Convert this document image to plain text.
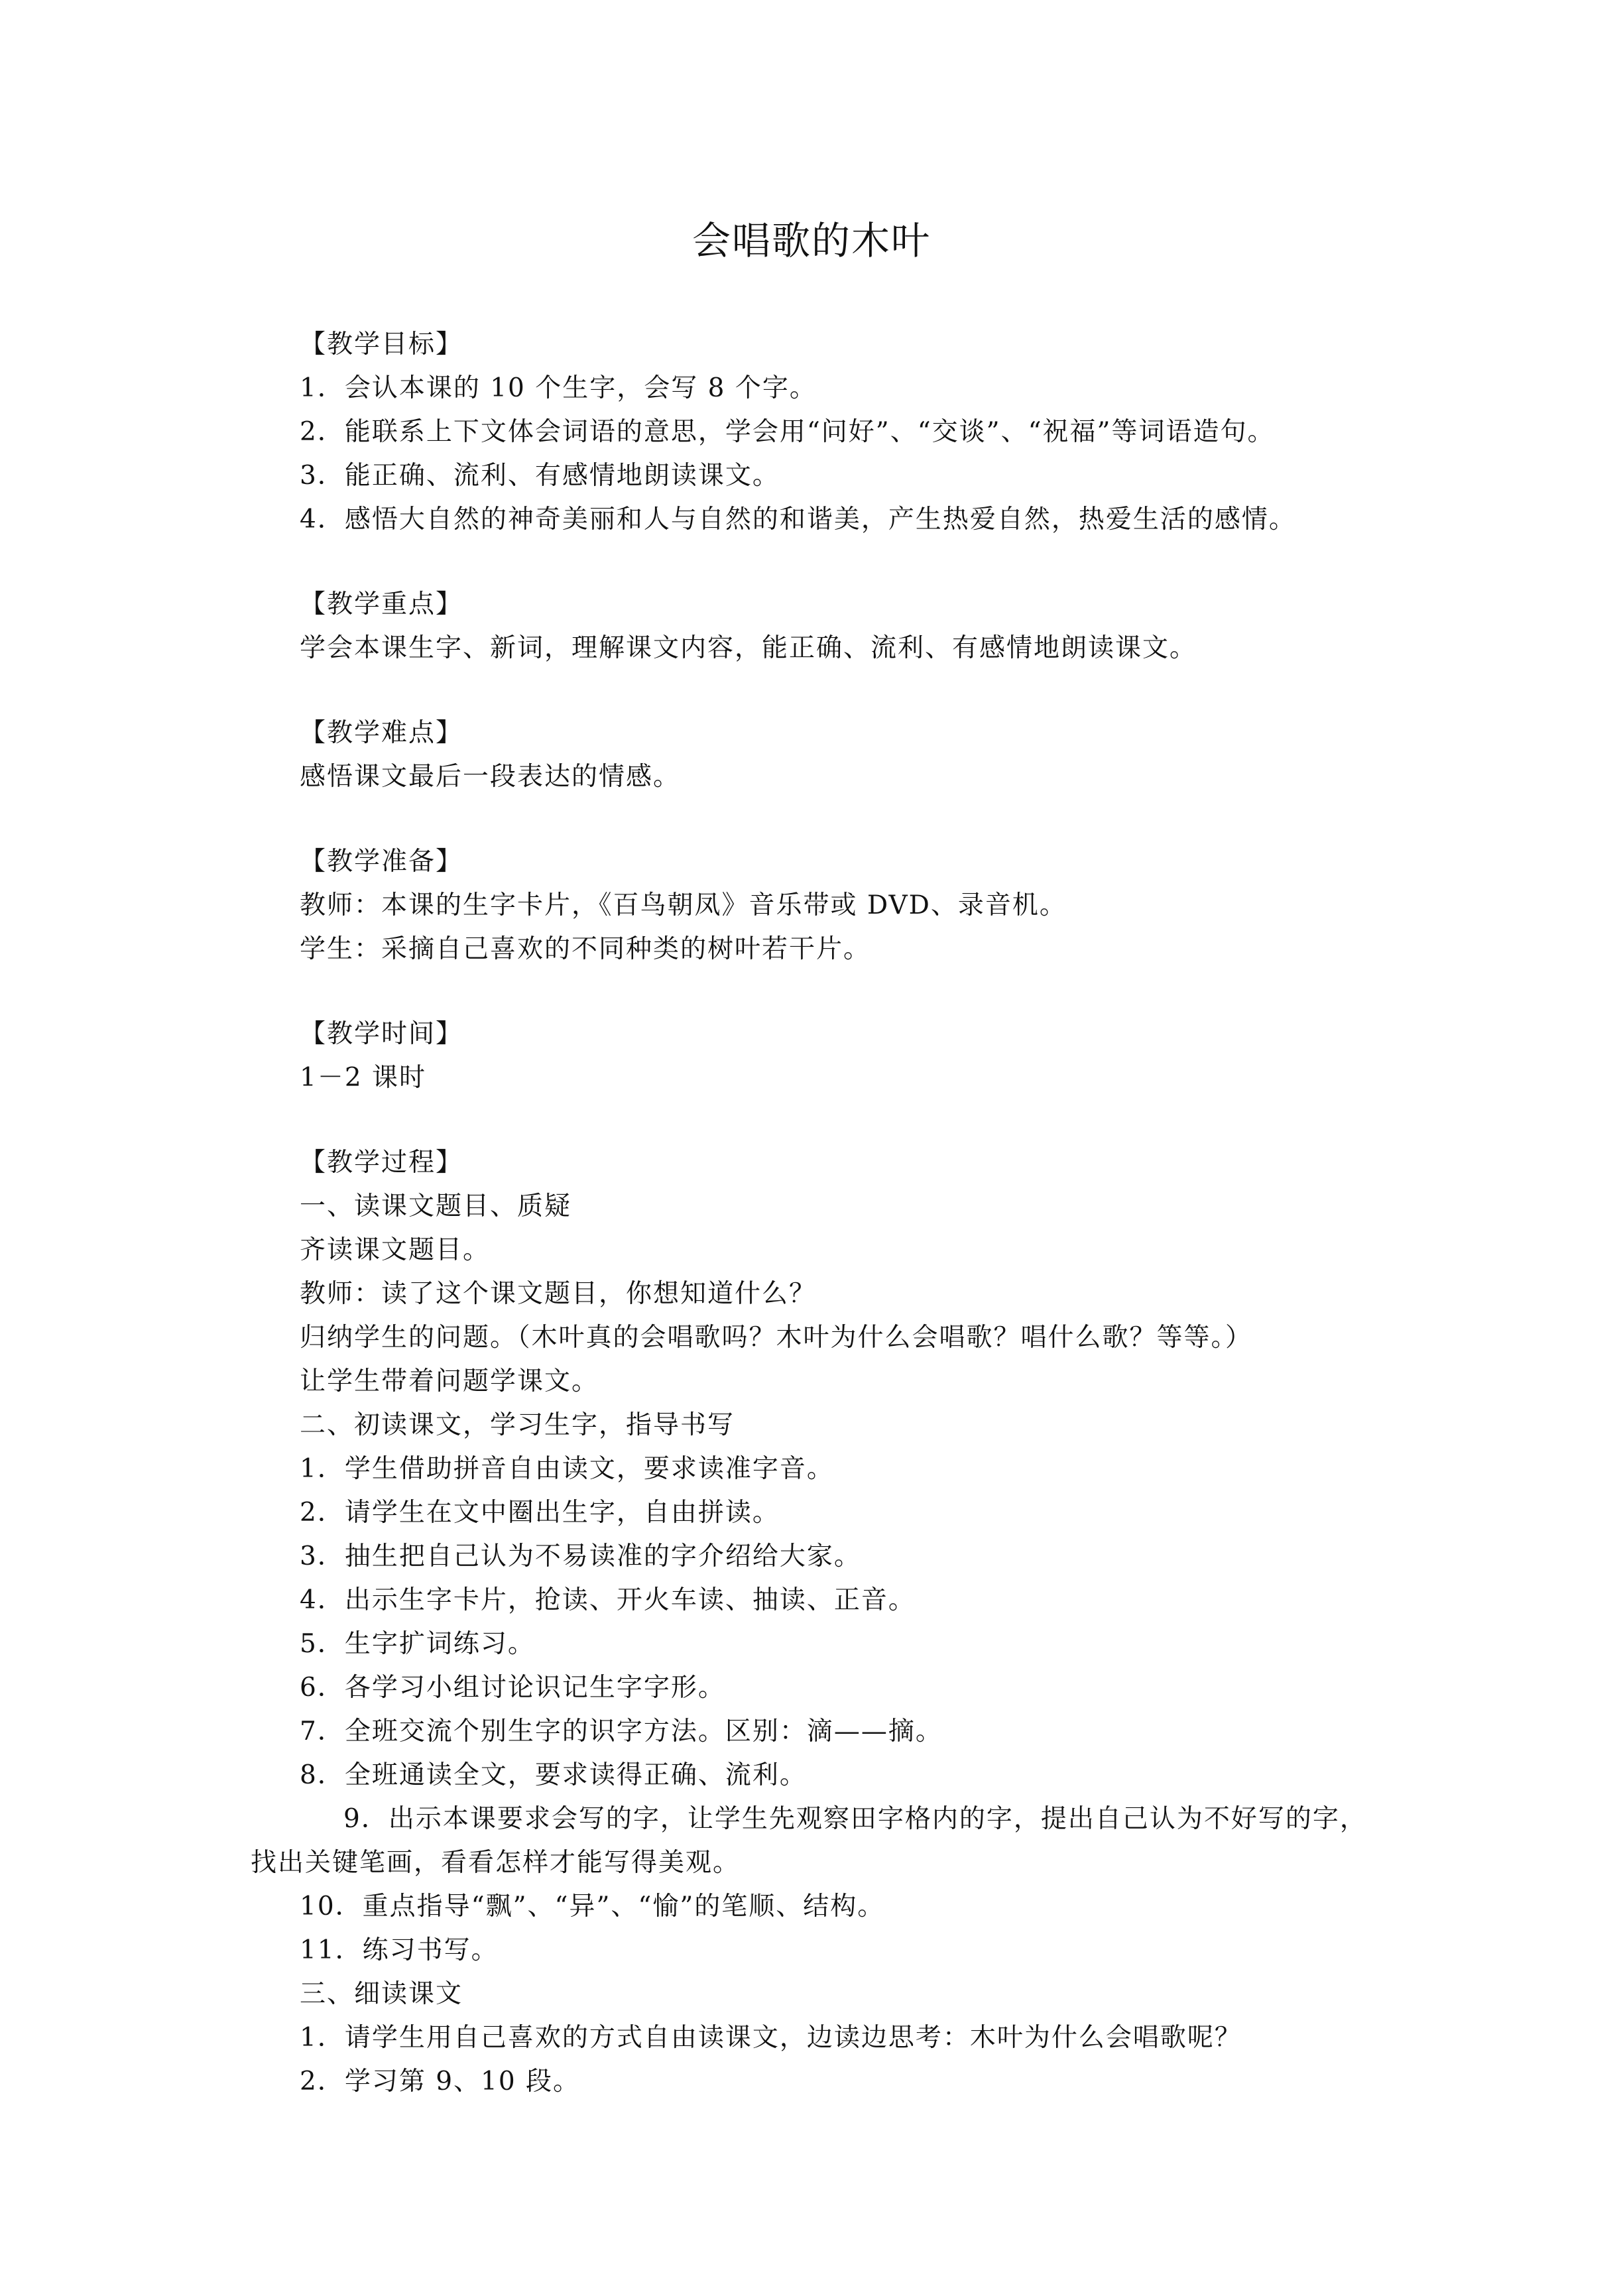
会唱歌的木叶
【教学目标】
1．会认本课的 10 个生字，会写 8 个字。
2．能联系上下文体会词语的意思，学会用“问好”、“交谈”、“祝福”等词语造句。
3．能正确、流利、有感情地朗读课文。
4．感悟大自然的神奇美丽和人与自然的和谐美，产生热爱自然，热爱生活的感情。
【教学重点】
学会本课生字、新词，理解课文内容，能正确、流利、有感情地朗读课文。
【教学难点】
感悟课文最后一段表达的情感。
【教学准备】
教师：本课的生字卡片，《百鸟朝凤》音乐带或 DVD、录音机。
学生：采摘自己喜欢的不同种类的树叶若干片。
【教学时间】
1－2 课时
【教学过程】
一、读课文题目、质疑
齐读课文题目。
教师：读了这个课文题目，你想知道什么？
归纳学生的问题。（木叶真的会唱歌吗？木叶为什么会唱歌？唱什么歌？等等。）
让学生带着问题学课文。
二、初读课文，学习生字，指导书写
1．学生借助拼音自由读文，要求读准字音。
2．请学生在文中圈出生字，自由拼读。
3．抽生把自己认为不易读准的字介绍给大家。
4．出示生字卡片，抢读、开火车读、抽读、正音。
5．生字扩词练习。
6．各学习小组讨论识记生字字形。
7．全班交流个别生字的识字方法。区别：滴——摘。
8．全班通读全文，要求读得正确、流利。
9．出示本课要求会写的字，让学生先观察田字格内的字，提出自己认为不好写的字，
找出关键笔画，看看怎样才能写得美观。
10．重点指导“飘”、“异”、“愉”的笔顺、结构。
11．练习书写。
三、细读课文
1．请学生用自己喜欢的方式自由读课文，边读边思考：木叶为什么会唱歌呢？
2．学习第 9、10 段。
